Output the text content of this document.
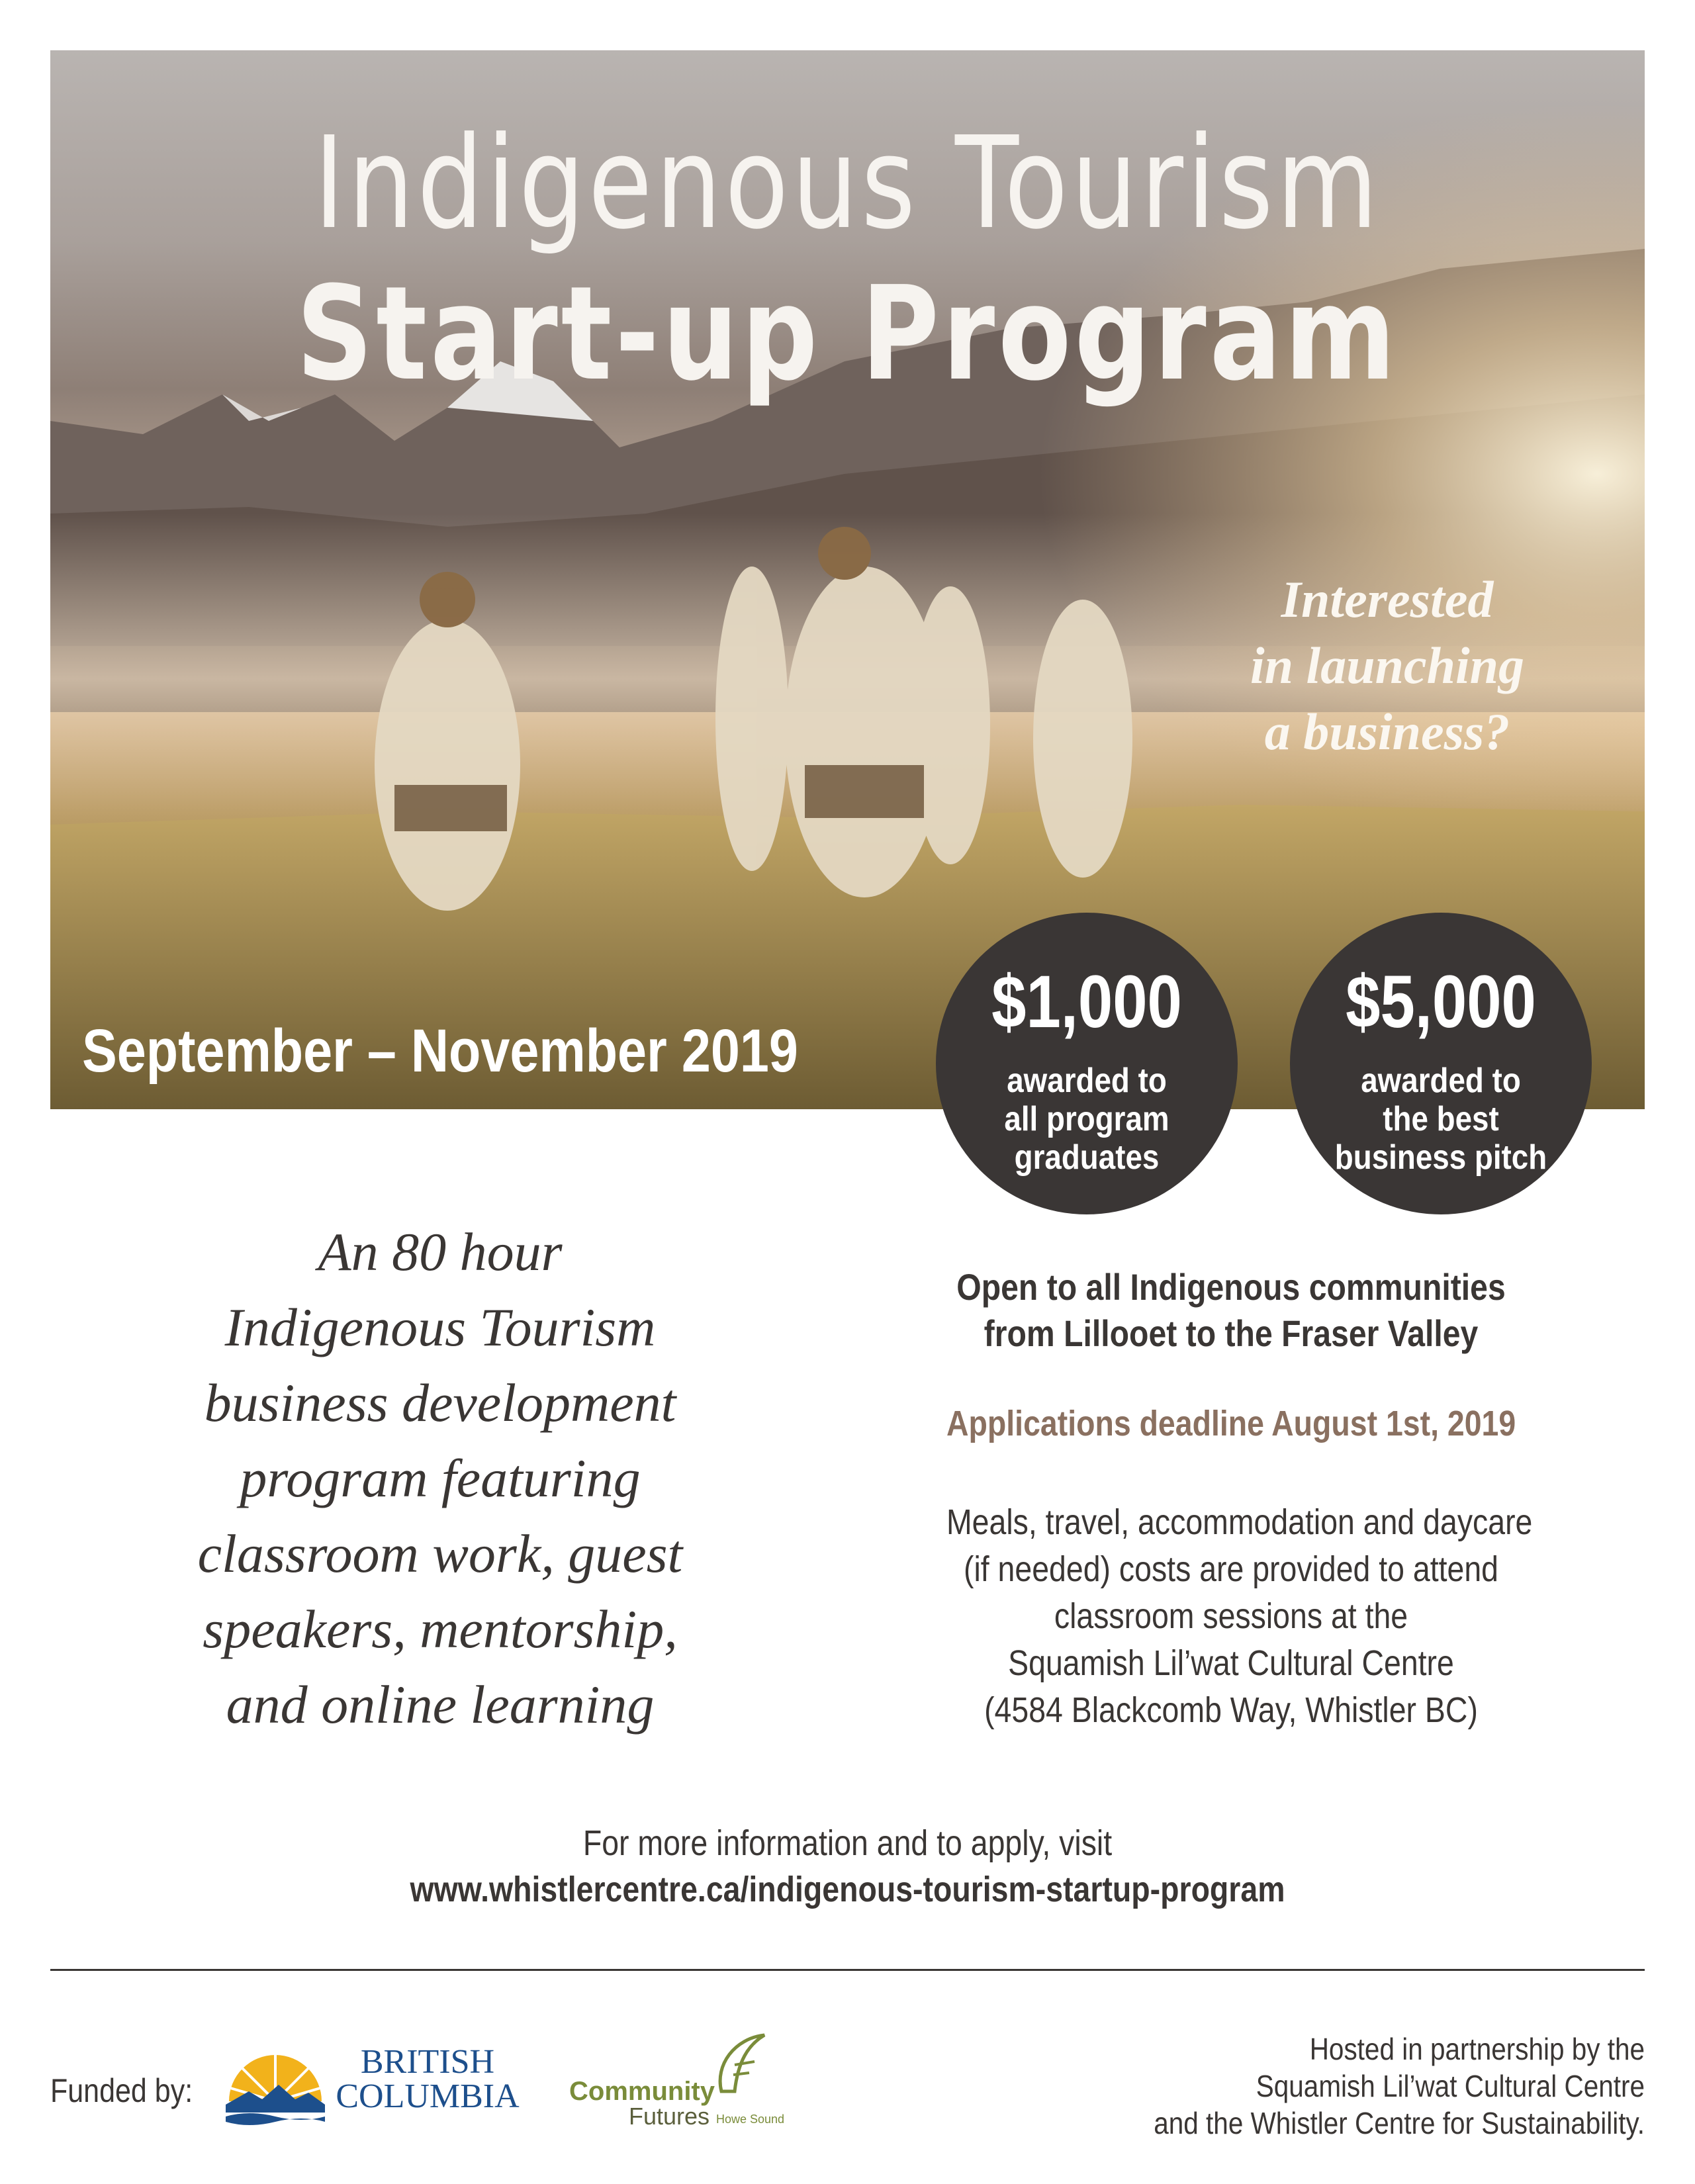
Indigenous Tourism
Start-up Program
Interested
in launching
a business?
September – November 2019
$1,000
awarded to
all program
graduates
$5,000
awarded to
the best
business pitch
An 80 hour
Indigenous Tourism
business development
program featuring
classroom work, guest
speakers, mentorship,
and online learning
Open to all Indigenous communities
from Lillooet to the Fraser Valley
Applications deadline August 1st, 2019
Meals, travel, accommodation and daycare
(if needed) costs are provided to attend
classroom sessions at the
Squamish Lil’wat Cultural Centre
(4584 Blackcomb Way, Whistler BC)
For more information and to apply, visit
www.whistlercentre.ca/indigenous-tourism-startup-program
Funded by:
BRITISH
COLUMBIA Community
Futures Howe Sound
Hosted in partnership by the
Squamish Lil’wat Cultural Centre
and the Whistler Centre for Sustainability.
